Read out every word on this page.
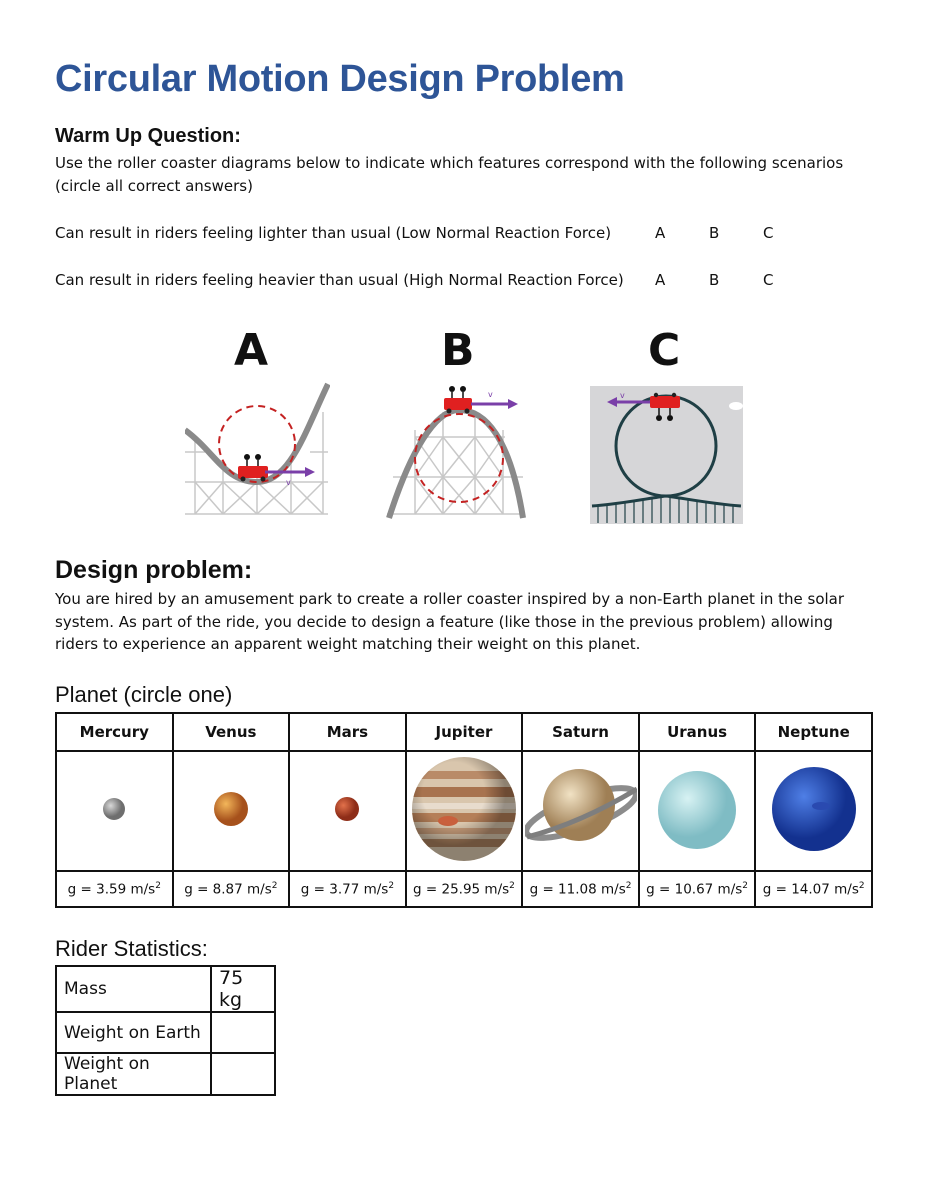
Circular Motion Design Problem
Warm Up Question:
Use the roller coaster diagrams below to indicate which features correspond with the following scenarios (circle all correct answers)
Can result in riders feeling lighter than usual (Low Normal Reaction Force)	A	B	C
Can result in riders feeling heavier than usual (High Normal Reaction Force) A	B	C
A	B	C
v
v	v
Design problem:
You are hired by an amusement park to create a roller coaster inspired by a non-Earth planet in the solar system. As part of the ride, you decide to design a feature (like those in the previous problem) allowing riders to experience an apparent weight matching their weight on this planet.
Planet (circle one)
Mercury	Venus	Mars	Jupiter	Saturn	Uranus	Neptune

g = 3.59 $m/s^2$	g = 8.87 $m/s^2$	g = 3.77 $m/s^2$	g = 25.95 $m/s^2$	g = 11.08 $m/s^2$	g = 10.67 $m/s^2$	g = 14.07 $m/s^2$
Rider Statistics:
Mass	75 kg
Weight on Earth	
Weight on Planet	
